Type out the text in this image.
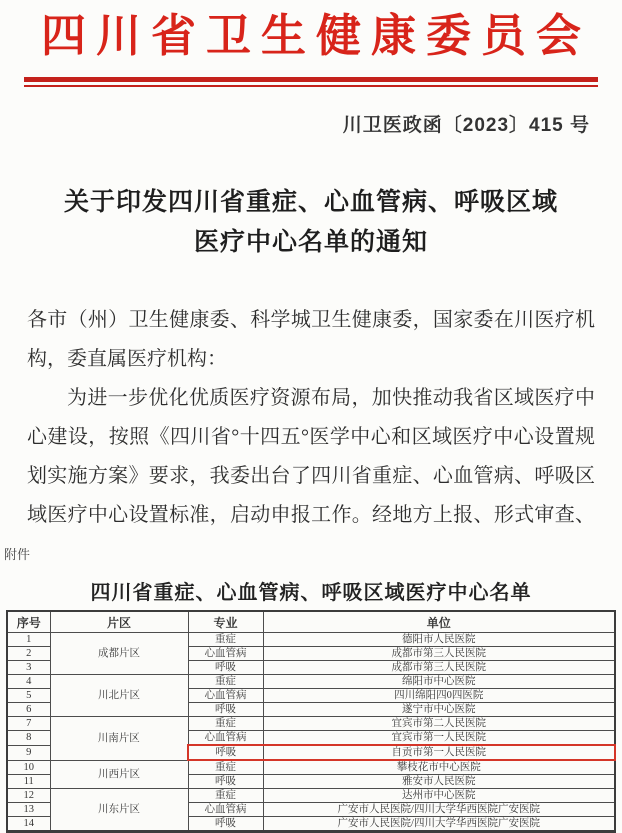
四川省卫生健康委员会
川卫医政函〔2023〕415 号
关于印发四川省重症、心血管病、呼吸区域
医疗中心名单的通知
各市（州）卫生健康委、科学城卫生健康委，国家委在川医疗机
构，委直属医疗机构：
为进一步优化优质医疗资源布局，加快推动我省区域医疗中
心建设，按照《四川省°十四五°医学中心和区域医疗中心设置规
划实施方案》要求，我委出台了四川省重症、心血管病、呼吸区
域医疗中心设置标准，启动申报工作。经地方上报、形式审查、
附件
四川省重症、心血管病、呼吸区域医疗中心名单
序号	片区	专业	单位
1	成都片区	重症	德阳市人民医院
2		心血管病	成都市第三人民医院
3		呼吸	成都市第三人民医院
4	川北片区	重症	绵阳市中心医院
5		心血管病	四川绵阳四0四医院
6		呼吸	遂宁市中心医院
7	川南片区	重症	宜宾市第二人民医院
8		心血管病	宜宾市第一人民医院
9		呼吸	自贡市第一人民医院
10	川西片区	重症	攀枝花市中心医院
11		呼吸	雅安市人民医院
12	川东片区	重症	达州市中心医院
13		心血管病	广安市人民医院/四川大学华西医院广安医院
14		呼吸	广安市人民医院/四川大学华西医院广安医院
